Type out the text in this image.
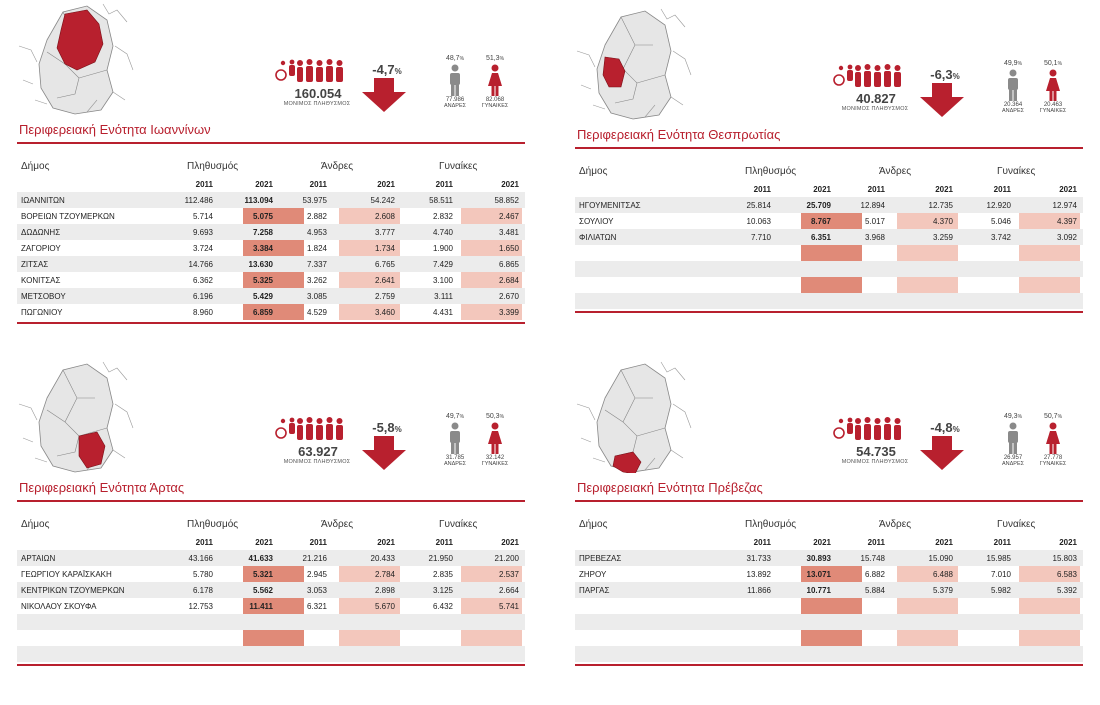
160.054
ΜΟΝΙΜΟΣ ΠΛΗΘΥΣΜΟΣ
-4,7%
48,7%
77.986
ΑΝΔΡΕΣ
51,3%
82.068
ΓΥΝΑΙΚΕΣ
Περιφερειακή Ενότητα Ιωαννίνων
Δήμος	Πληθυσμός	Άνδρες	Γυναίκες
2011	2021	2011	2021	2011	2021
ΙΩΑΝΝΙΤΩΝ	112.486	113.094	53.975	54.242	58.511	58.852
ΒΟΡΕΙΩΝ ΤΖΟΥΜΕΡΚΩΝ	5.714	5.075	2.882	2.608	2.832	2.467
ΔΩΔΩΝΗΣ	9.693	7.258	4.953	3.777	4.740	3.481
ΖΑΓΟΡΙΟΥ	3.724	3.384	1.824	1.734	1.900	1.650
ΖΙΤΣΑΣ	14.766	13.630	7.337	6.765	7.429	6.865
ΚΟΝΙΤΣΑΣ	6.362	5.325	3.262	2.641	3.100	2.684
ΜΕΤΣΟΒΟΥ	6.196	5.429	3.085	2.759	3.111	2.670
ΠΩΓΩΝΙΟΥ	8.960	6.859	4.529	3.460	4.431	3.399
40.827
ΜΟΝΙΜΟΣ ΠΛΗΘΥΣΜΟΣ
-6,3%
49,9%
20.364
ΑΝΔΡΕΣ
50,1%
20.463
ΓΥΝΑΙΚΕΣ
Περιφερειακή Ενότητα Θεσπρωτίας
Δήμος	Πληθυσμός	Άνδρες	Γυναίκες
2011	2021	2011	2021	2011	2021
ΗΓΟΥΜΕΝΙΤΣΑΣ	25.814	25.709	12.894	12.735	12.920	12.974
ΣΟΥΛΙΟΥ	10.063	8.767	5.017	4.370	5.046	4.397
ΦΙΛΙΑΤΩΝ	7.710	6.351	3.968	3.259	3.742	3.092
63.927
ΜΟΝΙΜΟΣ ΠΛΗΘΥΣΜΟΣ
-5,8%
49,7%
31.785
ΑΝΔΡΕΣ
50,3%
32.142
ΓΥΝΑΙΚΕΣ
Περιφερειακή Ενότητα Άρτας
Δήμος	Πληθυσμός	Άνδρες	Γυναίκες
2011	2021	2011	2021	2011	2021
ΑΡΤΑΙΩΝ	43.166	41.633	21.216	20.433	21.950	21.200
ΓΕΩΡΓΙΟΥ ΚΑΡΑΪΣΚΑΚΗ	5.780	5.321	2.945	2.784	2.835	2.537
ΚΕΝΤΡΙΚΩΝ ΤΖΟΥΜΕΡΚΩΝ	6.178	5.562	3.053	2.898	3.125	2.664
ΝΙΚΟΛΑΟΥ ΣΚΟΥΦΑ	12.753	11.411	6.321	5.670	6.432	5.741
54.735
ΜΟΝΙΜΟΣ ΠΛΗΘΥΣΜΟΣ
-4,8%
49,3%
26.957
ΑΝΔΡΕΣ
50,7%
27.778
ΓΥΝΑΙΚΕΣ
Περιφερειακή Ενότητα Πρέβεζας
Δήμος	Πληθυσμός	Άνδρες	Γυναίκες
2011	2021	2011	2021	2011	2021
ΠΡΕΒΕΖΑΣ	31.733	30.893	15.748	15.090	15.985	15.803
ΖΗΡΟΥ	13.892	13.071	6.882	6.488	7.010	6.583
ΠΑΡΓΑΣ	11.866	10.771	5.884	5.379	5.982	5.392
